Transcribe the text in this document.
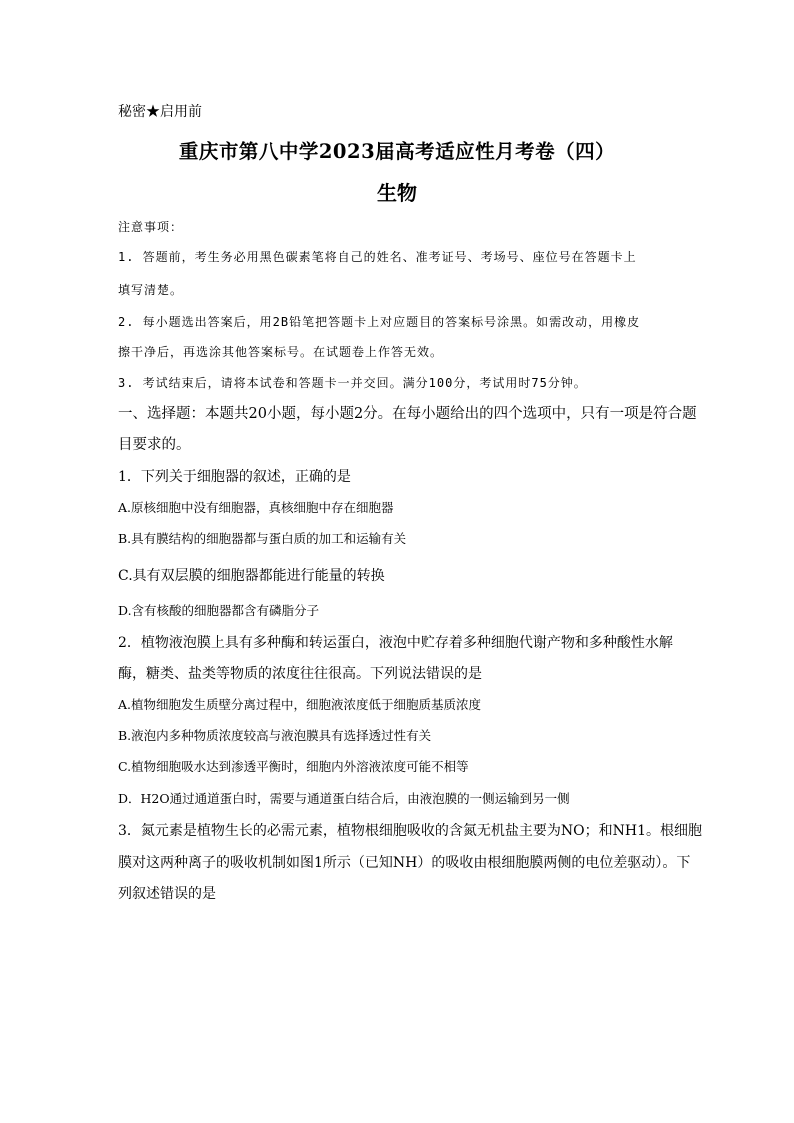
秘密★启用前
重庆市第八中学2023届高考适应性月考卷（四）
生物
注意事项：
1. 答题前，考生务必用黑色碳素笔将自己的姓名、准考证号、考场号、座位号在答题卡上
填写清楚。
2. 每小题选出答案后，用2B铅笔把答题卡上对应题目的答案标号涂黑。如需改动，用橡皮
擦干净后，再选涂其他答案标号。在试题卷上作答无效。
3. 考试结束后，请将本试卷和答题卡一并交回。满分100分，考试用时75分钟。
一、选择题：本题共20小题，每小题2分。在每小题给出的四个选项中，只有一项是符合题
目要求的。
1．下列关于细胞器的叙述，正确的是
A.原核细胞中没有细胞器，真核细胞中存在细胞器
B.具有膜结构的细胞器都与蛋白质的加工和运输有关
C.具有双层膜的细胞器都能进行能量的转换
D.含有核酸的细胞器都含有磷脂分子
2．植物液泡膜上具有多种酶和转运蛋白，液泡中贮存着多种细胞代谢产物和多种酸性水解
酶，糖类、盐类等物质的浓度往往很高。下列说法错误的是
A.植物细胞发生质壁分离过程中，细胞液浓度低于细胞质基质浓度
B.液泡内多种物质浓度较高与液泡膜具有选择透过性有关
C.植物细胞吸水达到渗透平衡时，细胞内外溶液浓度可能不相等
D．H2O通过通道蛋白时，需要与通道蛋白结合后，由液泡膜的一侧运输到另一侧
3．氮元素是植物生长的必需元素，植物根细胞吸收的含氮无机盐主要为NO；和NH1。根细胞
膜对这两种离子的吸收机制如图1所示（已知NH）的吸收由根细胞膜两侧的电位差驱动）。下
列叙述错误的是
